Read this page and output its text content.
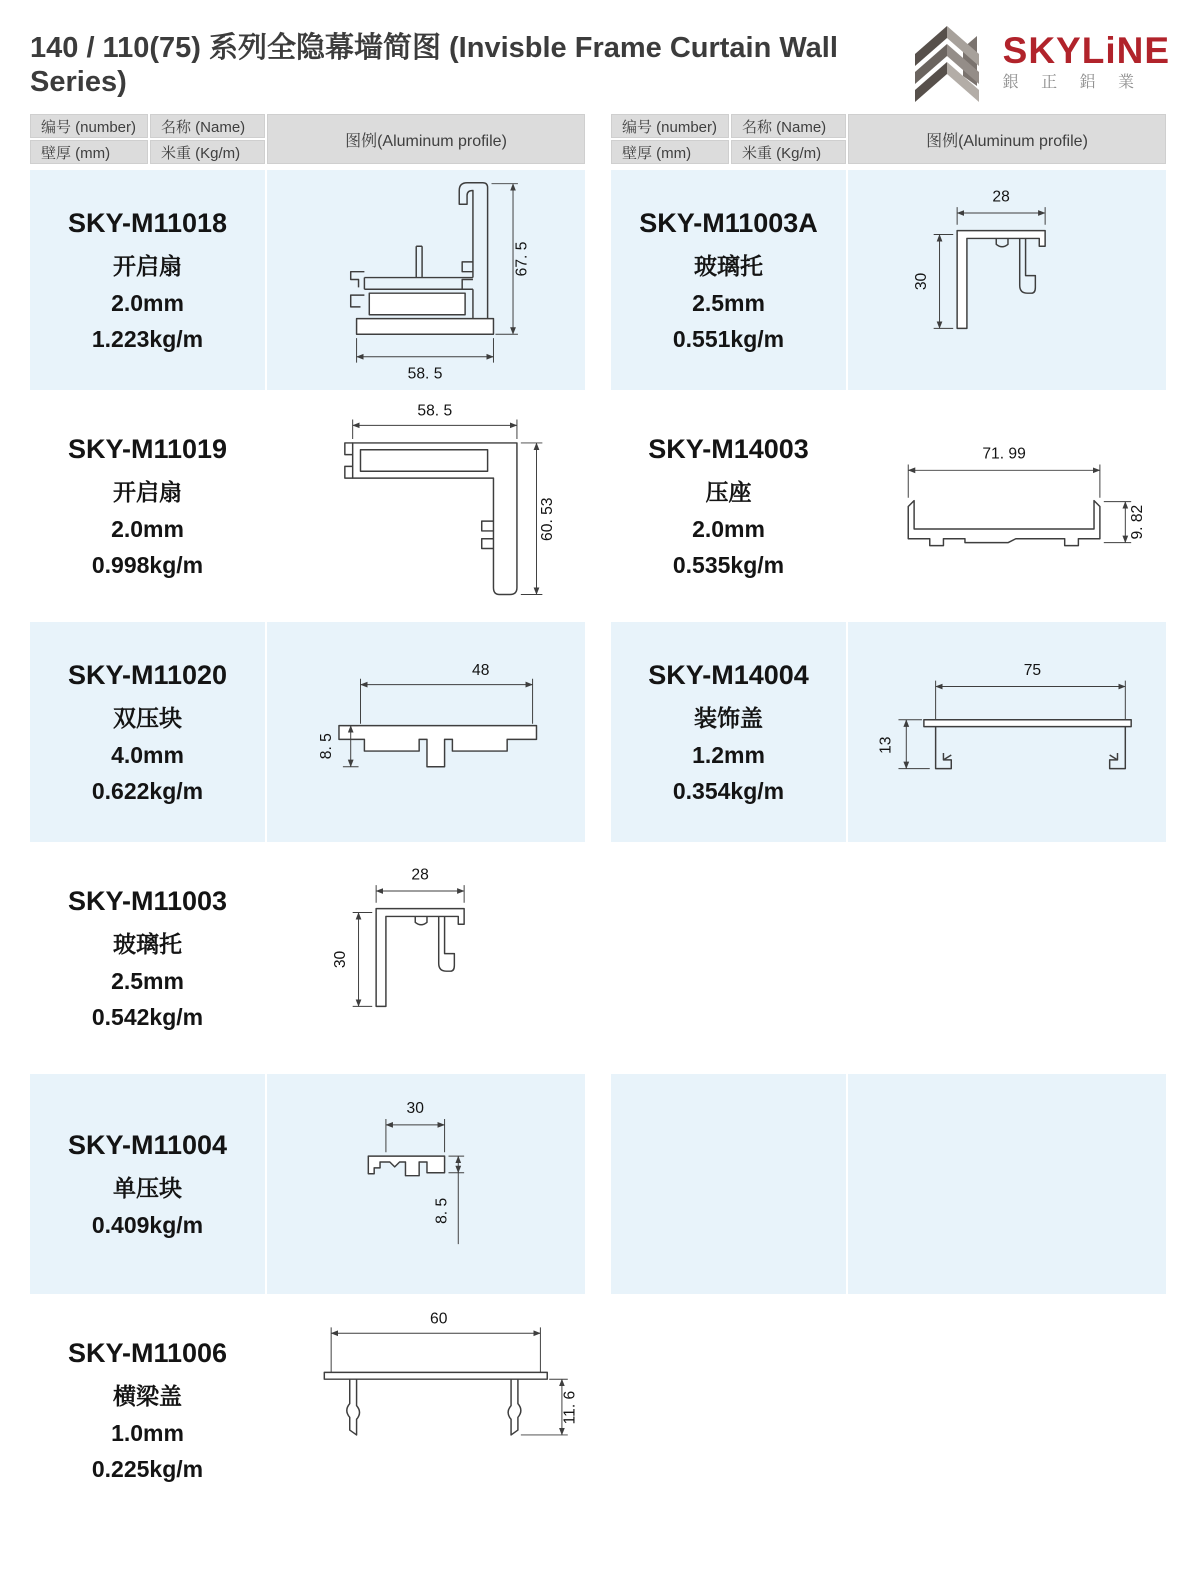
140 / 110(75) 系列全隐幕墙简图 (Invisble Frame Curtain Wall Series)
SKYLiNE
銀 正 鋁 業
编号 (number)	名称 (Name)
图例(Aluminum profile)
壁厚 (mm)	米重 (Kg/m)
SKY-M11018
开启扇
2.0mm
1.223kg/m
58. 5
67. 5
SKY-M11019
开启扇
2.0mm
0.998kg/m
58. 5
60. 53
SKY-M11020
双压块
4.0mm
0.622kg/m
48
8. 5
SKY-M11003
玻璃托
2.5mm
0.542kg/m
28
30
SKY-M11004
单压块
0.409kg/m
30
8. 5
SKY-M11006
横梁盖
1.0mm
0.225kg/m
60
11. 6
编号 (number)	名称 (Name)
图例(Aluminum profile)
壁厚 (mm)	米重 (Kg/m)
SKY-M11003A
玻璃托
2.5mm
0.551kg/m
28
30
SKY-M14003
压座
2.0mm
0.535kg/m
71. 99
9. 82
SKY-M14004
装饰盖
1.2mm
0.354kg/m
75
13
